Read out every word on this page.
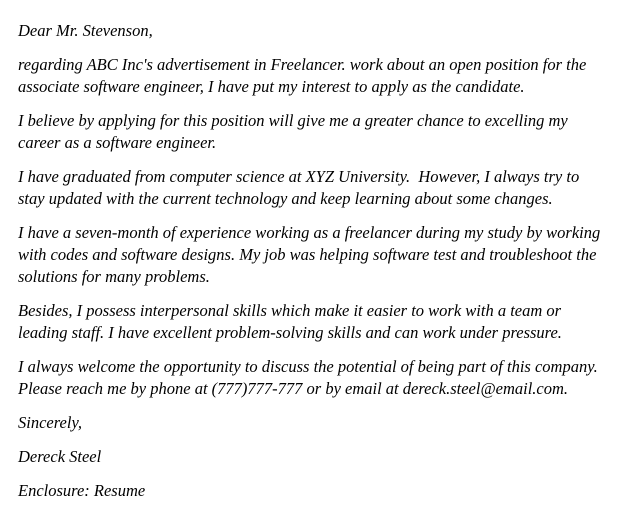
Dear Mr. Stevenson,

regarding ABC Inc's advertisement in Freelancer. work about an open position for the associate software engineer, I have put my interest to apply as the candidate.

I believe by applying for this position will give me a greater chance to excelling my career as a software engineer.

I have graduated from computer science at XYZ University.  However, I always try to stay updated with the current technology and keep learning about some changes.

I have a seven-month of experience working as a freelancer during my study by working with codes and software designs. My job was helping software test and troubleshoot the solutions for many problems.

Besides, I possess interpersonal skills which make it easier to work with a team or leading staff. I have excellent problem-solving skills and can work under pressure.

I always welcome the opportunity to discuss the potential of being part of this company. Please reach me by phone at (777)777-777 or by email at dereck.steel@email.com.

Sincerely,

Dereck Steel

Enclosure: Resume
